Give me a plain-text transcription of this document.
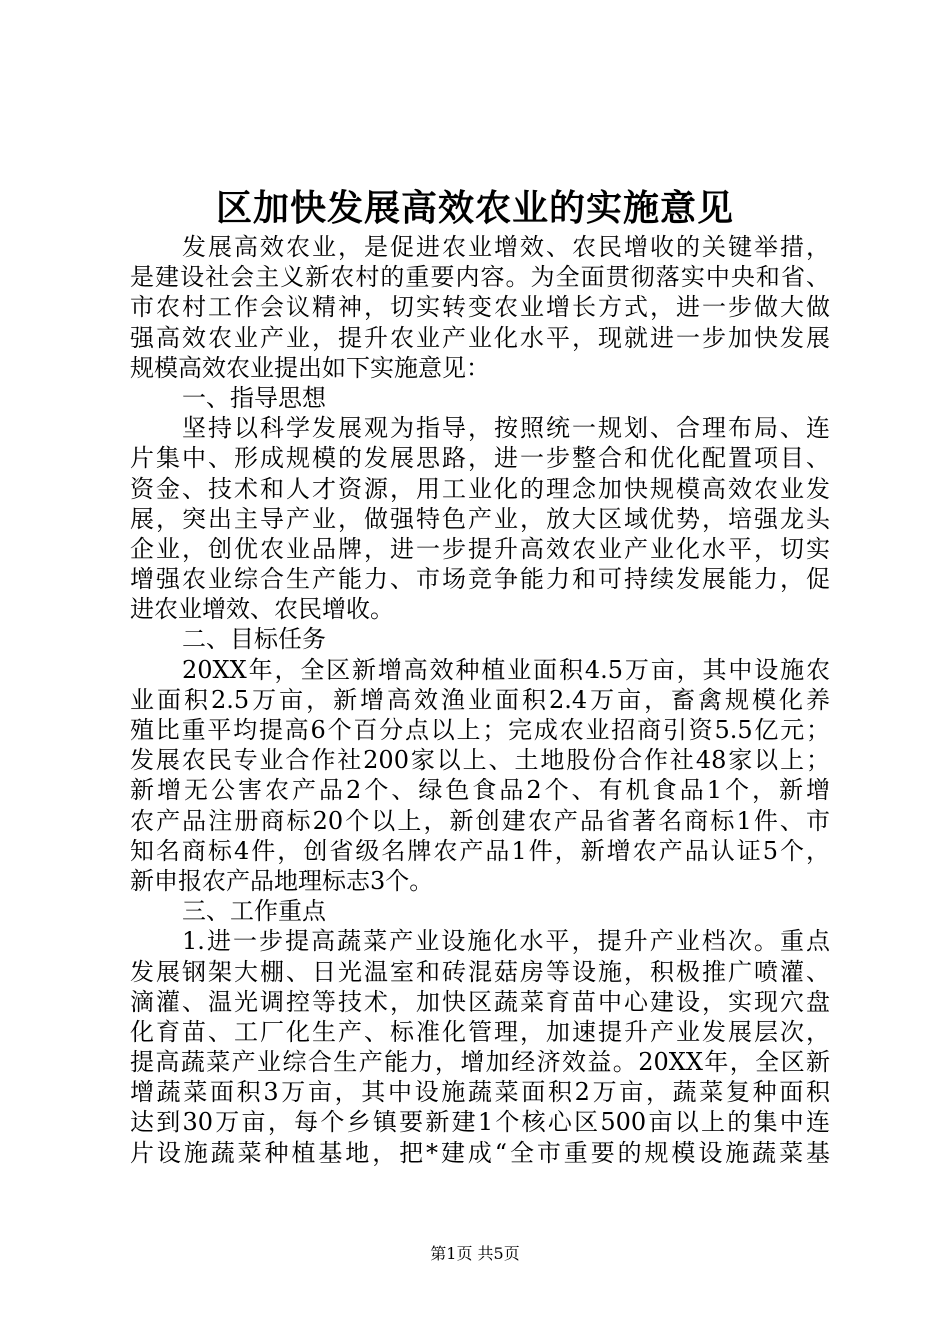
区加快发展高效农业的实施意见
发展高效农业，是促进农业增效、农民增收的关键举措，
是建设社会主义新农村的重要内容。为全面贯彻落实中央和省、
市农村工作会议精神，切实转变农业增长方式，进一步做大做
强高效农业产业，提升农业产业化水平，现就进一步加快发展
规模高效农业提出如下实施意见：
一、指导思想
坚持以科学发展观为指导，按照统一规划、合理布局、连
片集中、形成规模的发展思路，进一步整合和优化配置项目、
资金、技术和人才资源，用工业化的理念加快规模高效农业发
展，突出主导产业，做强特色产业，放大区域优势，培强龙头
企业，创优农业品牌，进一步提升高效农业产业化水平，切实
增强农业综合生产能力、市场竞争能力和可持续发展能力，促
进农业增效、农民增收。
二、目标任务
20XX年，全区新增高效种植业面积4.5万亩，其中设施农
业面积2.5万亩，新增高效渔业面积2.4万亩，畜禽规模化养
殖比重平均提高6个百分点以上；完成农业招商引资5.5亿元；
发展农民专业合作社200家以上、土地股份合作社48家以上；
新增无公害农产品2个、绿色食品2个、有机食品1个，新增
农产品注册商标20个以上，新创建农产品省著名商标1件、市
知名商标4件，创省级名牌农产品1件，新增农产品认证5个，
新申报农产品地理标志3个。
三、工作重点
1.进一步提高蔬菜产业设施化水平，提升产业档次。重点
发展钢架大棚、日光温室和砖混菇房等设施，积极推广喷灌、
滴灌、温光调控等技术，加快区蔬菜育苗中心建设，实现穴盘
化育苗、工厂化生产、标准化管理，加速提升产业发展层次，
提高蔬菜产业综合生产能力，增加经济效益。20XX年，全区新
增蔬菜面积3万亩，其中设施蔬菜面积2万亩，蔬菜复种面积
达到30万亩，每个乡镇要新建1个核心区500亩以上的集中连
片设施蔬菜种植基地，把*建成“全市重要的规模设施蔬菜基
第1页 共5页
